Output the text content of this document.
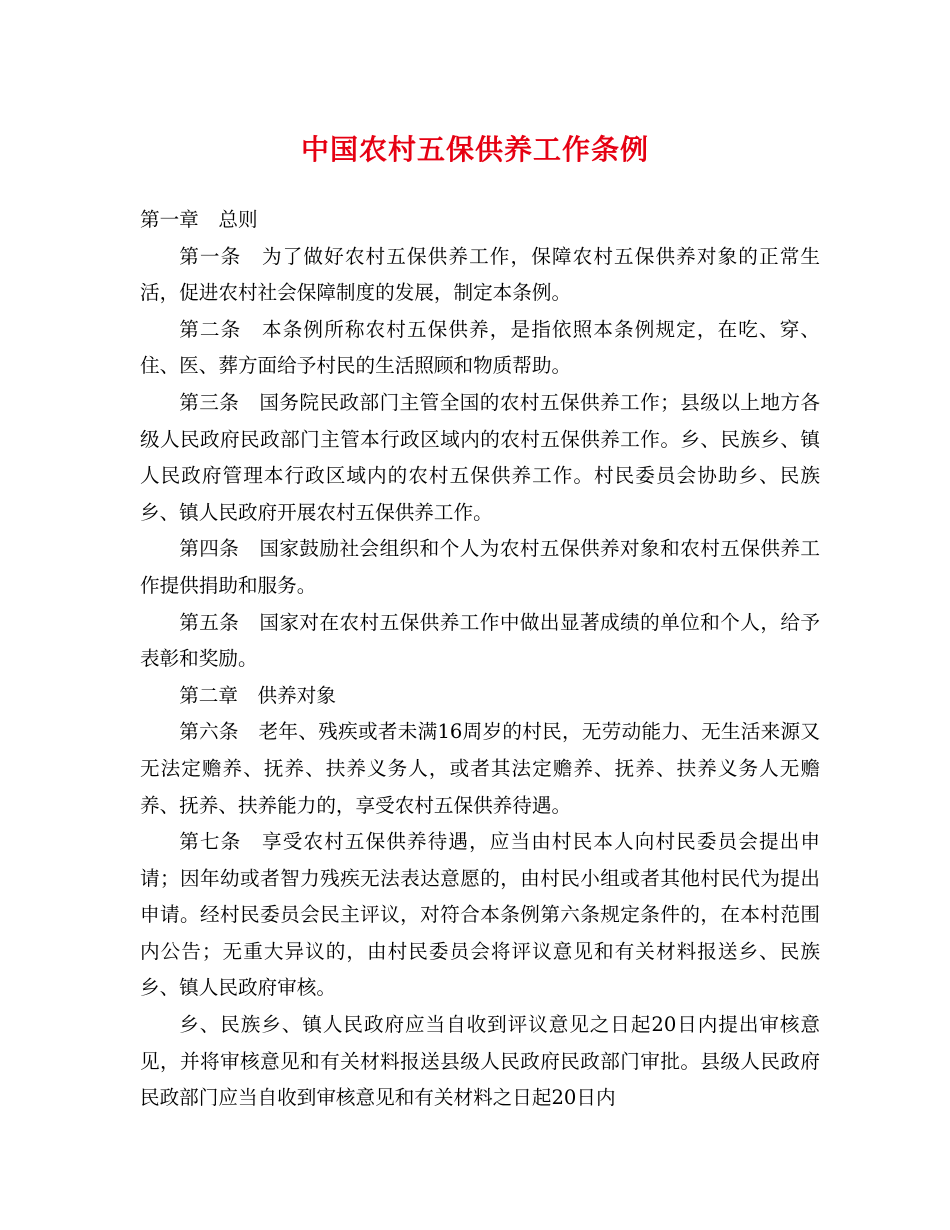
中国农村五保供养工作条例

第一章　总则

第一条　为了做好农村五保供养工作，保障农村五保供养对象的正常生活，促进农村社会保障制度的发展，制定本条例。

第二条　本条例所称农村五保供养，是指依照本条例规定，在吃、穿、住、医、葬方面给予村民的生活照顾和物质帮助。

第三条　国务院民政部门主管全国的农村五保供养工作；县级以上地方各级人民政府民政部门主管本行政区域内的农村五保供养工作。乡、民族乡、镇人民政府管理本行政区域内的农村五保供养工作。村民委员会协助乡、民族乡、镇人民政府开展农村五保供养工作。

第四条　国家鼓励社会组织和个人为农村五保供养对象和农村五保供养工作提供捐助和服务。

第五条　国家对在农村五保供养工作中做出显著成绩的单位和个人，给予表彰和奖励。

第二章　供养对象

第六条　老年、残疾或者未满16周岁的村民，无劳动能力、无生活来源又无法定赡养、抚养、扶养义务人，或者其法定赡养、抚养、扶养义务人无赡养、抚养、扶养能力的，享受农村五保供养待遇。

第七条　享受农村五保供养待遇，应当由村民本人向村民委员会提出申请；因年幼或者智力残疾无法表达意愿的，由村民小组或者其他村民代为提出申请。经村民委员会民主评议，对符合本条例第六条规定条件的，在本村范围内公告；无重大异议的，由村民委员会将评议意见和有关材料报送乡、民族乡、镇人民政府审核。

乡、民族乡、镇人民政府应当自收到评议意见之日起20日内提出审核意见，并将审核意见和有关材料报送县级人民政府民政部门审批。县级人民政府民政部门应当自收到审核意见和有关材料之日起20日内
